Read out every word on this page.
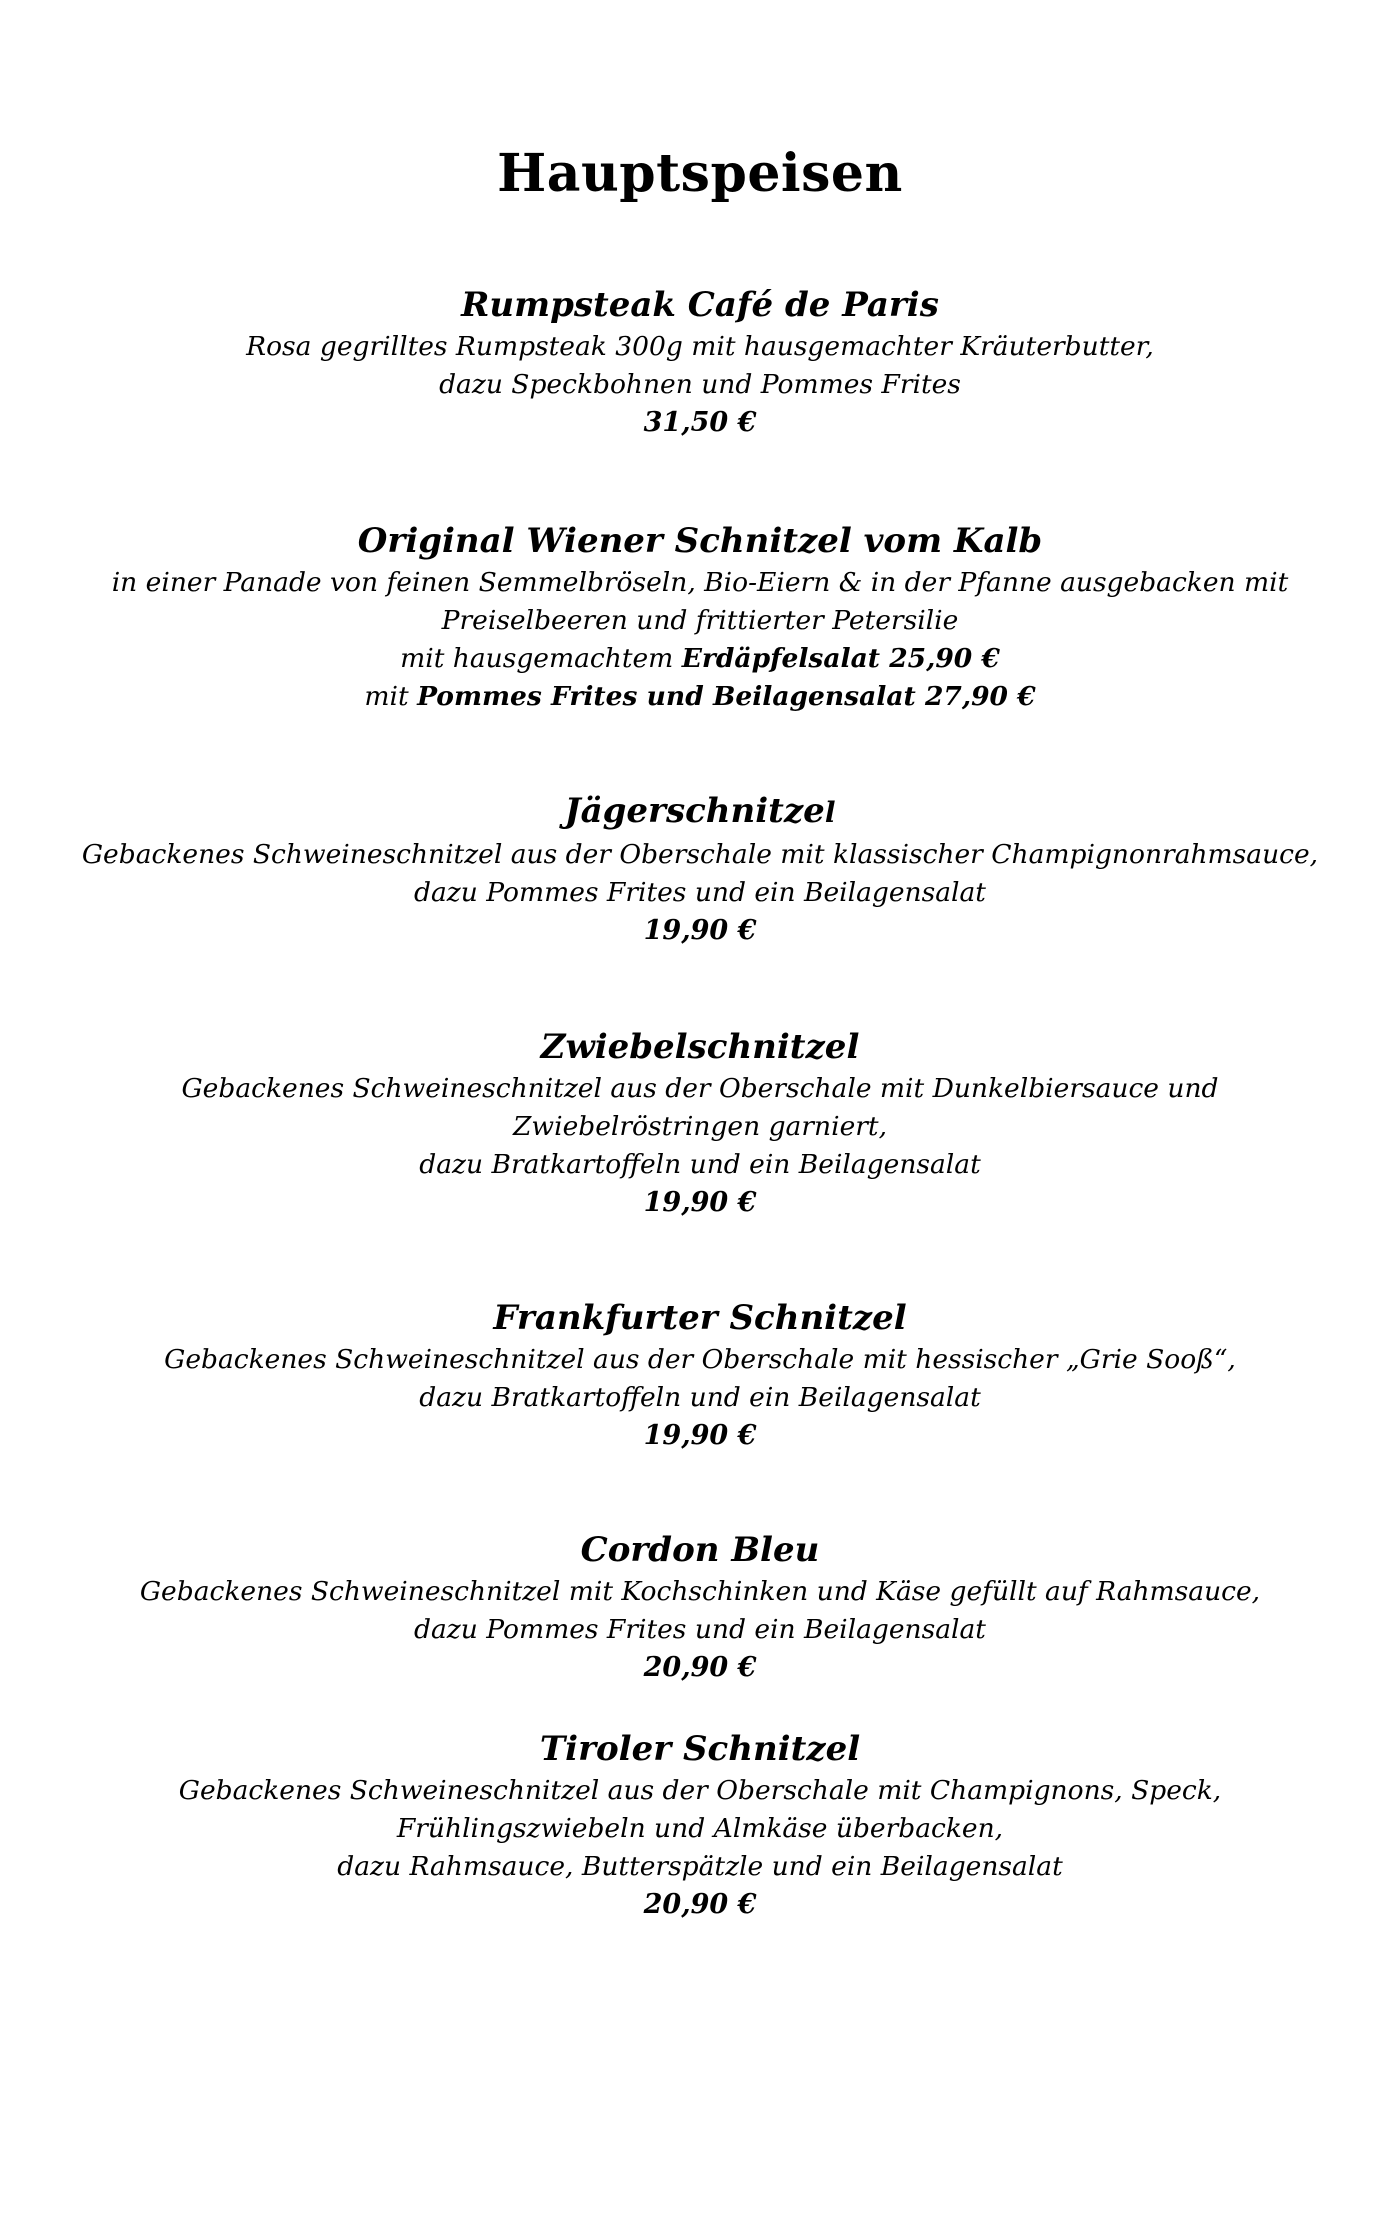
Hauptspeisen

Rumpsteak Café de Paris

Rosa gegrilltes Rumpsteak 300g mit hausgemachter Kräuterbutter,

dazu Speckbohnen und Pommes Frites

31,50 €

Original Wiener Schnitzel vom Kalb

in einer Panade von feinen Semmelbröseln, Bio-Eiern & in der Pfanne ausgebacken mit

Preiselbeeren und frittierter Petersilie

mit hausgemachtem Erdäpfelsalat 25,90 €

mit Pommes Frites und Beilagensalat 27,90 €

Jägerschnitzel

Gebackenes Schweineschnitzel aus der Oberschale mit klassischer Champignonrahmsauce,

dazu Pommes Frites und ein Beilagensalat

19,90 €

Zwiebelschnitzel

Gebackenes Schweineschnitzel aus der Oberschale mit Dunkelbiersauce und

Zwiebelröstringen garniert,

dazu Bratkartoffeln und ein Beilagensalat

19,90 €

Frankfurter Schnitzel

Gebackenes Schweineschnitzel aus der Oberschale mit hessischer „Grie Sooß“,

dazu Bratkartoffeln und ein Beilagensalat

19,90 €

Cordon Bleu

Gebackenes Schweineschnitzel mit Kochschinken und Käse gefüllt auf Rahmsauce,

dazu Pommes Frites und ein Beilagensalat

20,90 €

Tiroler Schnitzel

Gebackenes Schweineschnitzel aus der Oberschale mit Champignons, Speck,

Frühlingszwiebeln und Almkäse überbacken,

dazu Rahmsauce, Butterspätzle und ein Beilagensalat

20,90 €
